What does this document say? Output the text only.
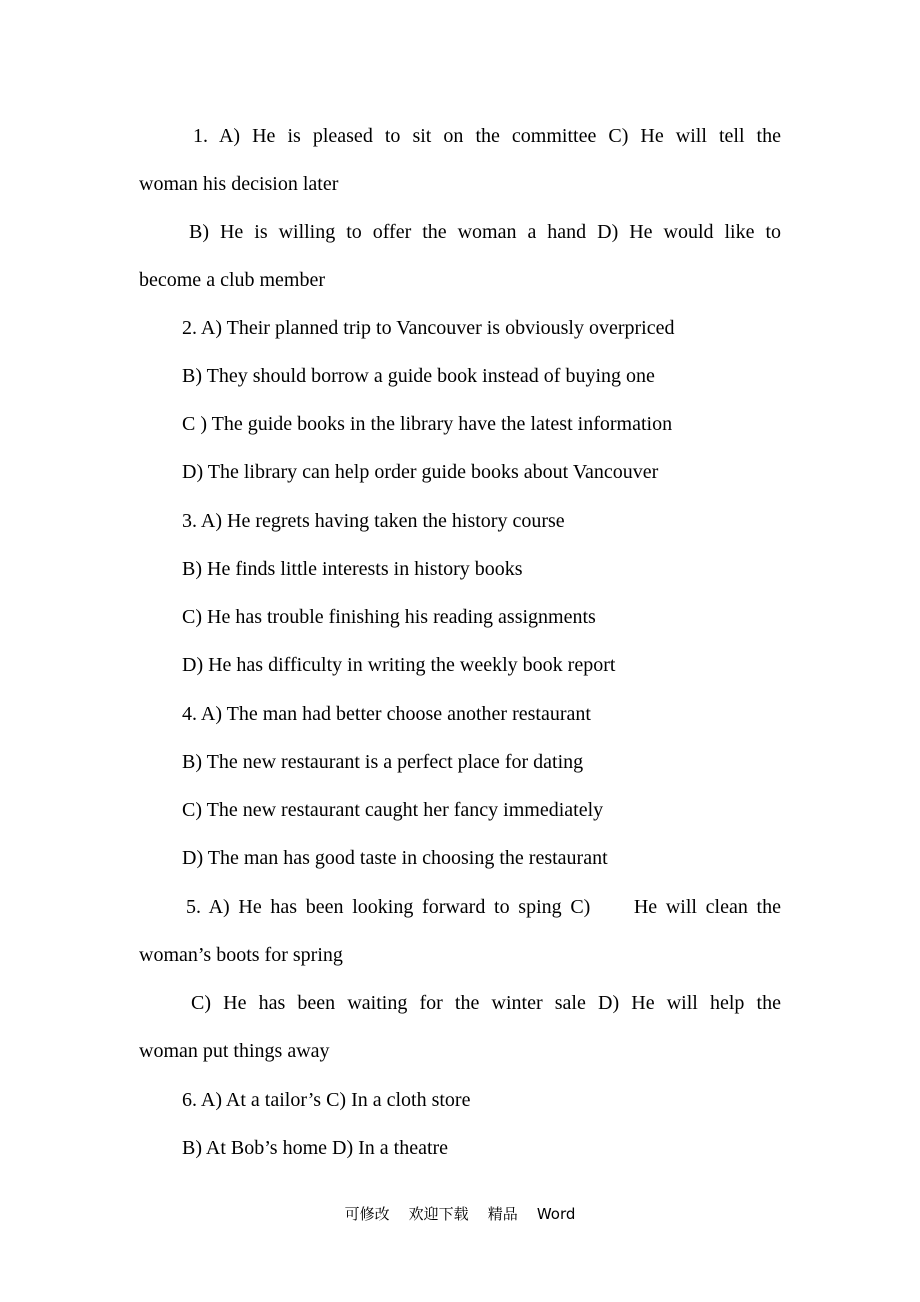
1. A) He is pleased to sit on the committee C) He will tell the
woman his decision later
B) He is willing to offer the woman a hand D) He would like to
become a club member
2. A) Their planned trip to Vancouver is obviously overpriced
B) They should borrow a guide book instead of buying one
C ) The guide books in the library have the latest information
D) The library can help order guide books about Vancouver
3. A) He regrets having taken the history course
B) He finds little interests in history books
C) He has trouble finishing his reading assignments
D) He has difficulty in writing the weekly book report
4. A) The man had better choose another restaurant
B) The new restaurant is a perfect place for dating
C) The new restaurant caught her fancy immediately
D) The man has good taste in choosing the restaurant
5. A) He has been looking forward to sping C)     He will clean the
woman’s boots for spring
C) He has been waiting for the winter sale D) He will help the
woman put things away
6. A) At a tailor’s C) In a cloth store
B) At Bob’s home D) In a theatre
可修改    欢迎下载    精品    Word
